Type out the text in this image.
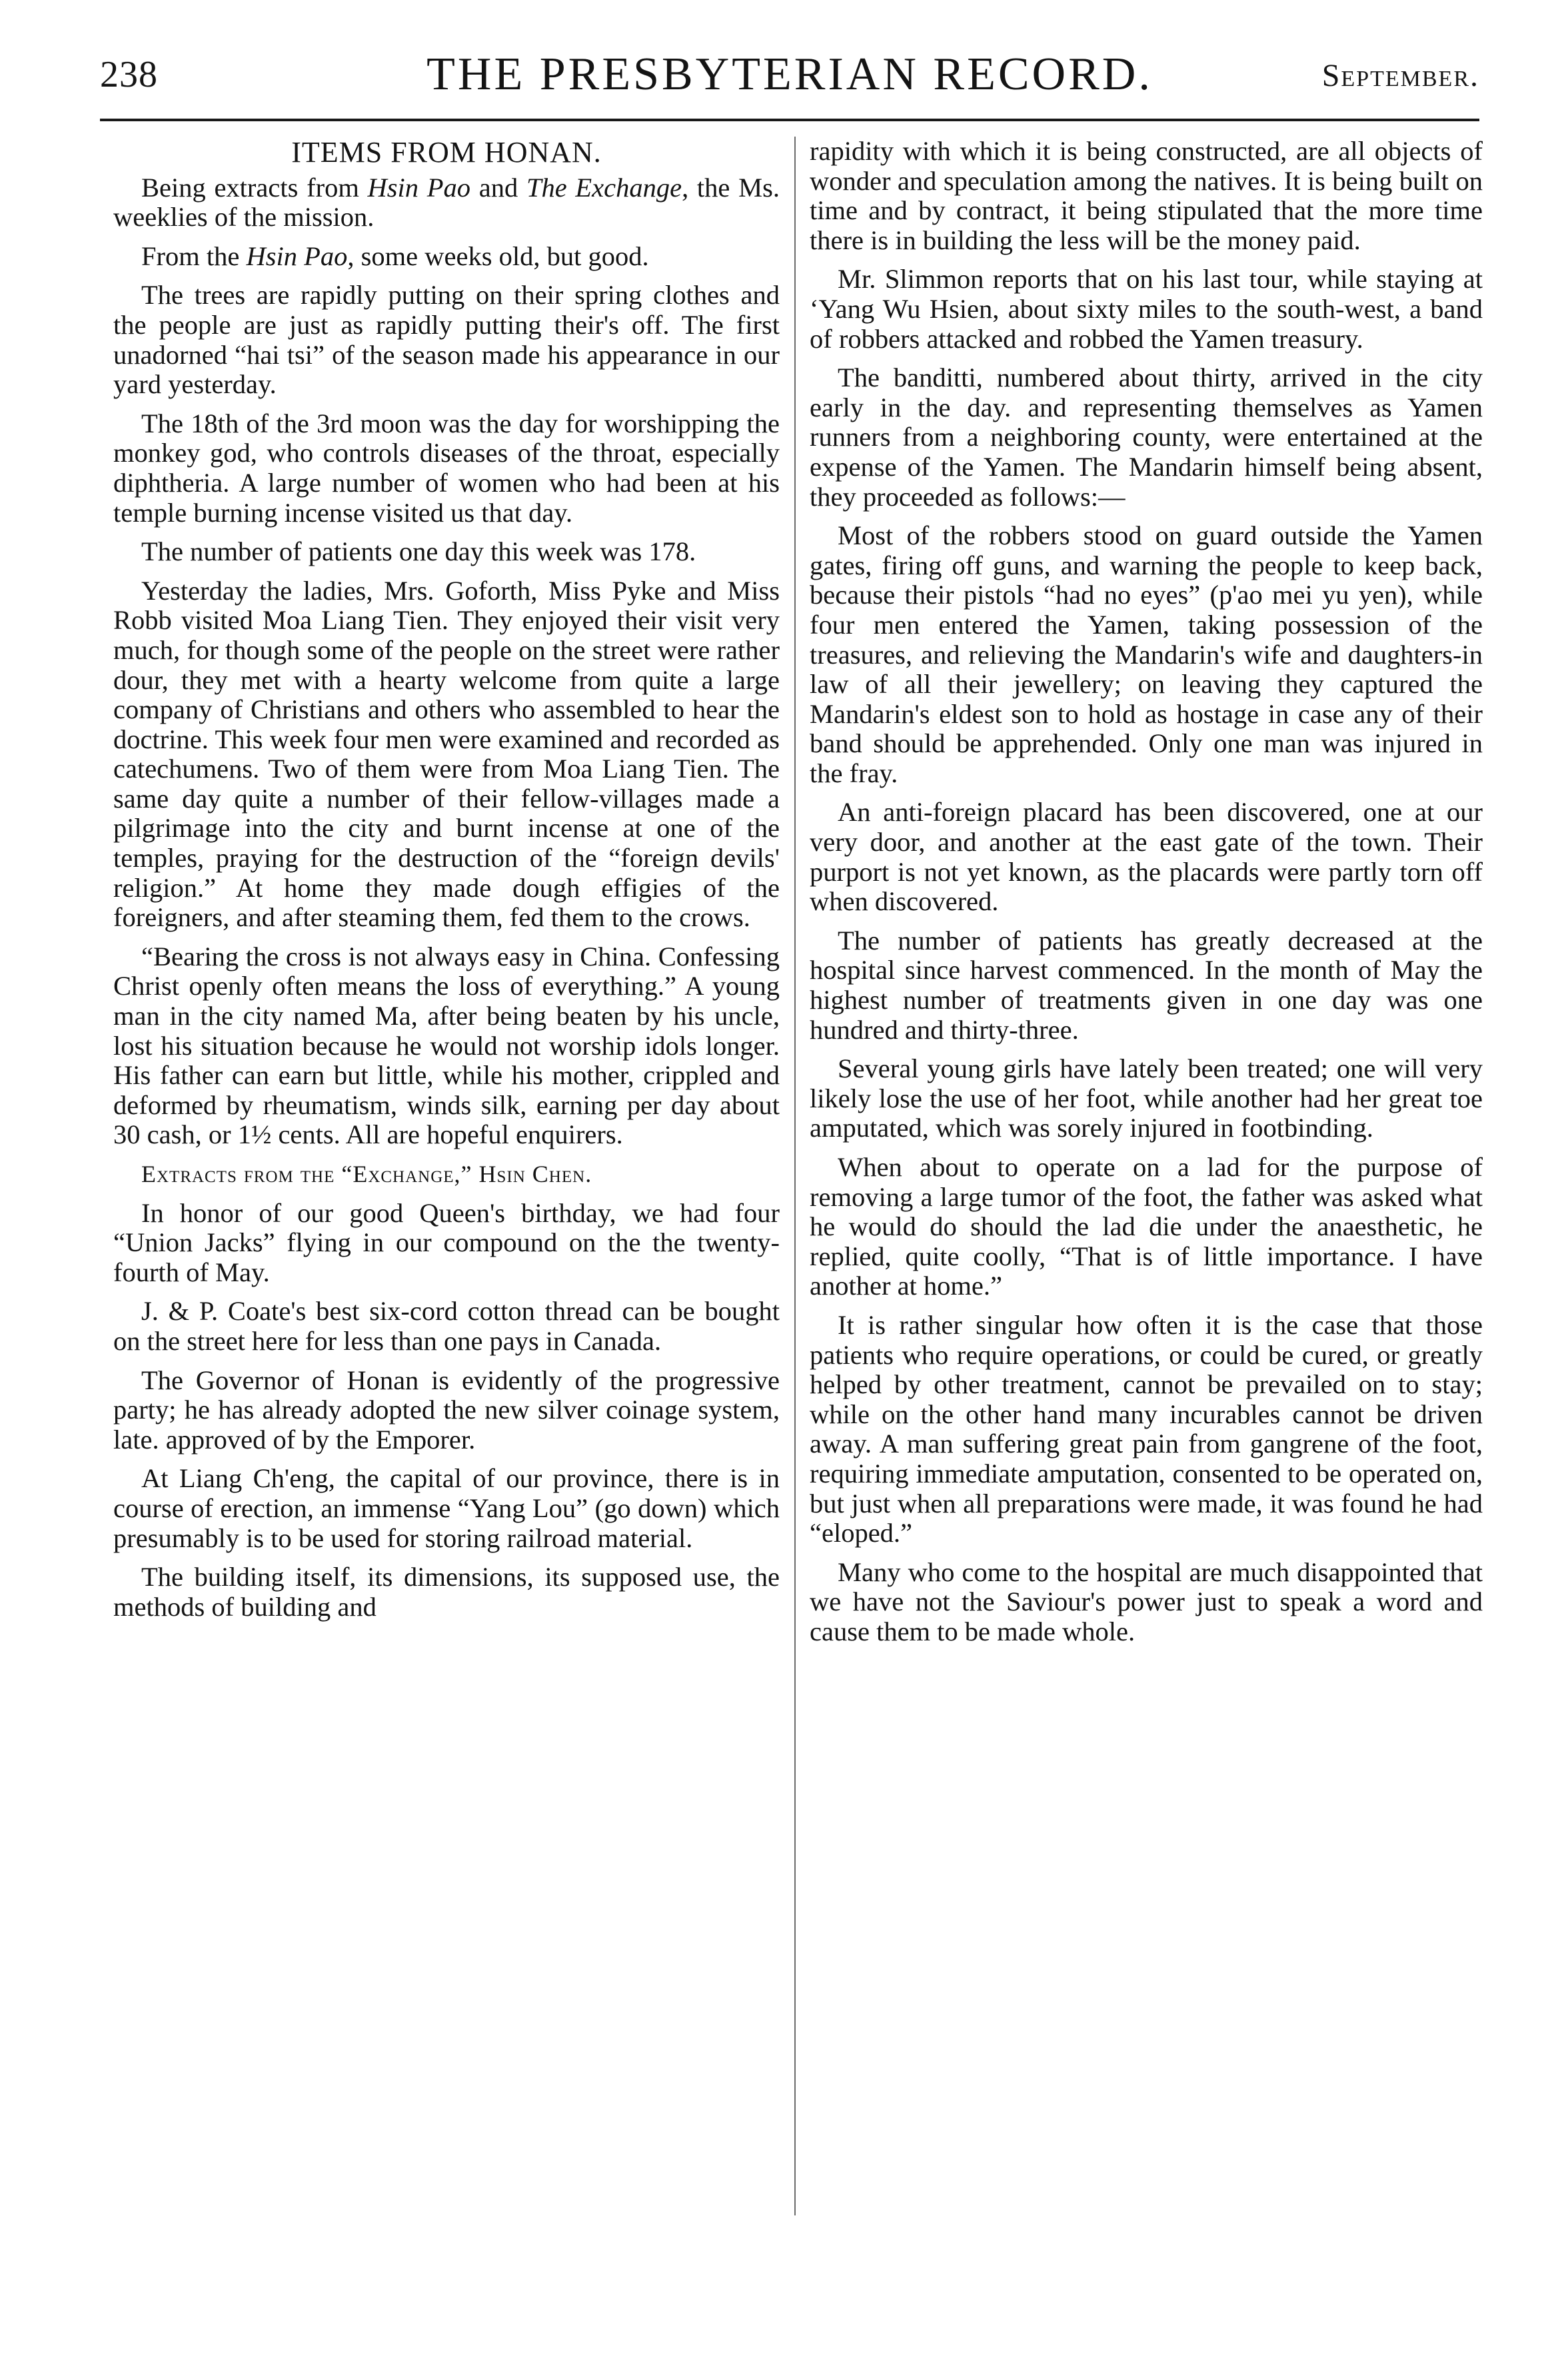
238	THE PRESBYTERIAN RECORD.	September.
ITEMS FROM HONAN.

Being extracts from Hsin Pao and The Exchange, the Ms. weeklies of the mission.

From the Hsin Pao, some weeks old, but good.

The trees are rapidly putting on their spring clothes and the people are just as rapidly putting their's off. The first unadorned “hai tsi” of the season made his appearance in our yard yesterday.

The 18th of the 3rd moon was the day for worshipping the monkey god, who controls diseases of the throat, especially diphtheria. A large number of women who had been at his temple burning incense visited us that day.

The number of patients one day this week was 178.

Yesterday the ladies, Mrs. Goforth, Miss Pyke and Miss Robb visited Moa Liang Tien. They enjoyed their visit very much, for though some of the people on the street were rather dour, they met with a hearty welcome from quite a large company of Christians and others who assembled to hear the doctrine. This week four men were examined and recorded as catechumens. Two of them were from Moa Liang Tien. The same day quite a number of their fellow-villages made a pilgrimage into the city and burnt incense at one of the temples, praying for the destruction of the “foreign devils' religion.” At home they made dough effigies of the foreigners, and after steaming them, fed them to the crows.

“Bearing the cross is not always easy in China. Confessing Christ openly often means the loss of everything.” A young man in the city named Ma, after being beaten by his uncle, lost his situation because he would not worship idols longer. His father can earn but little, while his mother, crippled and deformed by rheumatism, winds silk, earning per day about 30 cash, or 1½ cents. All are hopeful enquirers.

Extracts from the “Exchange,” Hsin Chen.

In honor of our good Queen's birthday, we had four “Union Jacks” flying in our compound on the the twenty-fourth of May.

J. & P. Coate's best six-cord cotton thread can be bought on the street here for less than one pays in Canada.

The Governor of Honan is evidently of the progressive party; he has already adopted the new silver coinage system, late. approved of by the Emporer.

At Liang Ch'eng, the capital of our province, there is in course of erection, an immense “Yang Lou” (go down) which presumably is to be used for storing railroad material.

The building itself, its dimensions, its supposed use, the methods of building and

rapidity with which it is being constructed, are all objects of wonder and speculation among the natives. It is being built on time and by contract, it being stipulated that the more time there is in building the less will be the money paid.

Mr. Slimmon reports that on his last tour, while staying at ‘Yang Wu Hsien, about sixty miles to the south-west, a band of robbers attacked and robbed the Yamen treasury.

The banditti, numbered about thirty, arrived in the city early in the day. and representing themselves as Yamen runners from a neighboring county, were entertained at the expense of the Yamen. The Mandarin himself being absent, they proceeded as follows:—

Most of the robbers stood on guard outside the Yamen gates, firing off guns, and warning the people to keep back, because their pistols “had no eyes” (p'ao mei yu yen), while four men entered the Yamen, taking possession of the treasures, and relieving the Mandarin's wife and daughters-in law of all their jewellery; on leaving they captured the Mandarin's eldest son to hold as hostage in case any of their band should be apprehended. Only one man was injured in the fray.

An anti-foreign placard has been discovered, one at our very door, and another at the east gate of the town. Their purport is not yet known, as the placards were partly torn off when discovered.

The number of patients has greatly decreased at the hospital since harvest commenced. In the month of May the highest number of treatments given in one day was one hundred and thirty-three.

Several young girls have lately been treated; one will very likely lose the use of her foot, while another had her great toe amputated, which was sorely injured in footbinding.

When about to operate on a lad for the purpose of removing a large tumor of the foot, the father was asked what he would do should the lad die under the anaesthetic, he replied, quite coolly, “That is of little importance. I have another at home.”

It is rather singular how often it is the case that those patients who require operations, or could be cured, or greatly helped by other treatment, cannot be prevailed on to stay; while on the other hand many incurables cannot be driven away. A man suffering great pain from gangrene of the foot, requiring immediate amputation, consented to be operated on, but just when all preparations were made, it was found he had “eloped.”

Many who come to the hospital are much disappointed that we have not the Saviour's power just to speak a word and cause them to be made whole.
